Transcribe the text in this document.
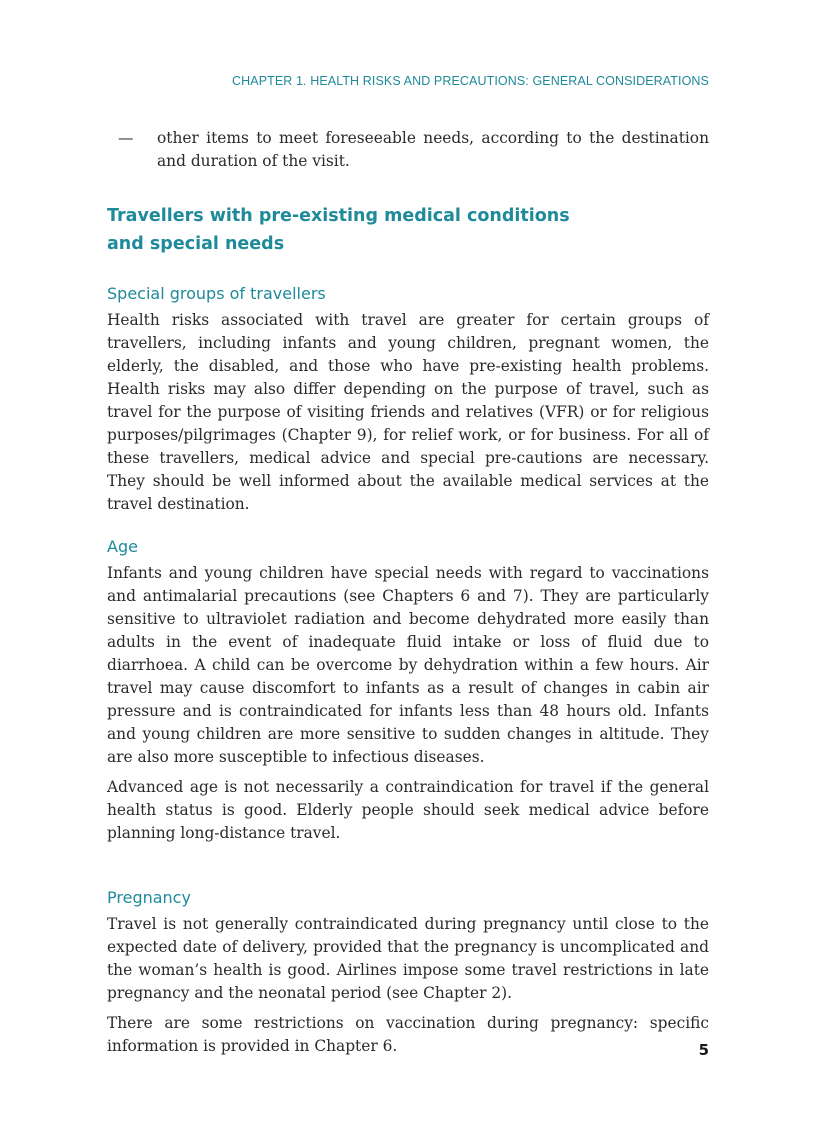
CHAPTER 1. HEALTH RISKS AND PRECAUTIONS: GENERAL CONSIDERATIONS
—	other items to meet foreseeable needs, according to the destination and duration of the visit.
Travellers with pre-existing medical conditions
and special needs
Special groups of travellers

Health risks associated with travel are greater for certain groups of travellers, including infants and young children, pregnant women, the elderly, the disabled, and those who have pre-existing health problems. Health risks may also differ depending on the purpose of travel, such as travel for the purpose of visiting friends and relatives (VFR) or for religious purposes/pilgrimages (Chapter 9), for relief work, or for business. For all of these travellers, medical advice and special pre-cautions are necessary. They should be well informed about the available medical services at the travel destination.

Age

Infants and young children have special needs with regard to vaccinations and antimalarial precautions (see Chapters 6 and 7). They are particularly sensitive to ultraviolet radiation and become dehydrated more easily than adults in the event of inadequate fluid intake or loss of fluid due to diarrhoea. A child can be overcome by dehydration within a few hours. Air travel may cause discomfort to infants as a result of changes in cabin air pressure and is contraindicated for infants less than 48 hours old. Infants and young children are more sensitive to sudden changes in altitude. They are also more susceptible to infectious diseases.

Advanced age is not necessarily a contraindication for travel if the general health status is good. Elderly people should seek medical advice before planning long-distance travel.

Pregnancy

Travel is not generally contraindicated during pregnancy until close to the expected date of delivery, provided that the pregnancy is uncomplicated and the woman’s health is good. Airlines impose some travel restrictions in late pregnancy and the neonatal period (see Chapter 2).

There are some restrictions on vaccination during pregnancy: specific information is provided in Chapter 6.	5
